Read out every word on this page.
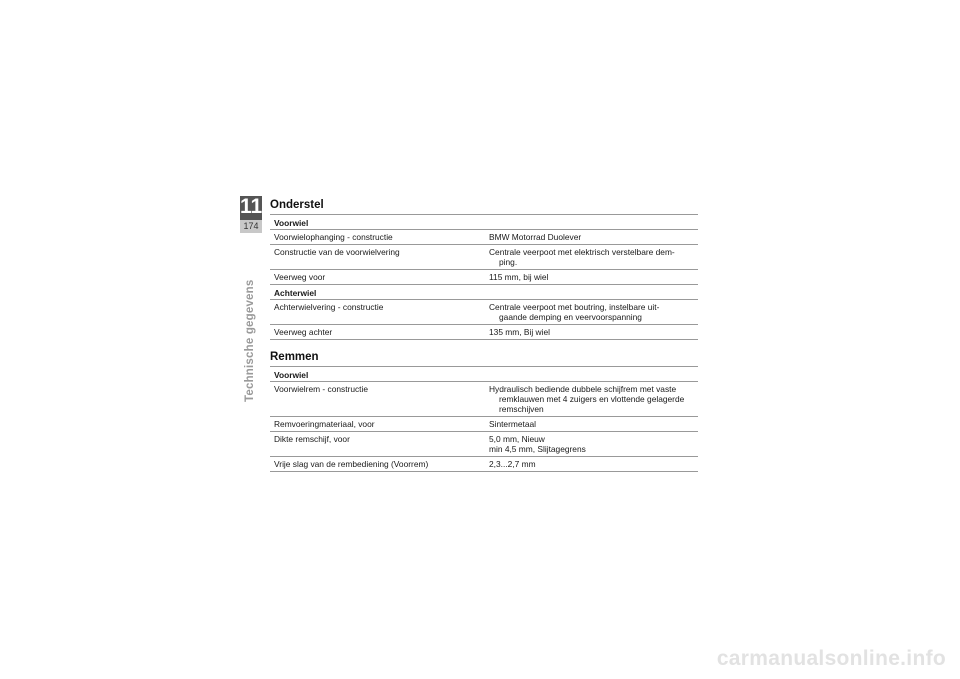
11
174
Technische gegevens
Onderstel
Voorwiel
Voorwielophanging - constructie	BMW Motorrad Duolever
Constructie van de voorwielvering	Centrale veerpoot met elektrisch verstelbare dem-
ping.
Veerweg voor	115 mm, bij wiel
Achterwiel
Achterwielvering - constructie	Centrale veerpoot met boutring, instelbare uit-
gaande demping en veervoorspanning
Veerweg achter	135 mm, Bij wiel
Remmen
Voorwiel
Voorwielrem - constructie	Hydraulisch bediende dubbele schijfrem met vaste
remklauwen met 4 zuigers en vlottende gelagerde
remschijven
Remvoeringmateriaal, voor	Sintermetaal
Dikte remschijf, voor	5,0 mm, Nieuw
min 4,5 mm, Slijtagegrens
Vrije slag van de rembediening (Voorrem)	2,3...2,7 mm
carmanualsonline.info
